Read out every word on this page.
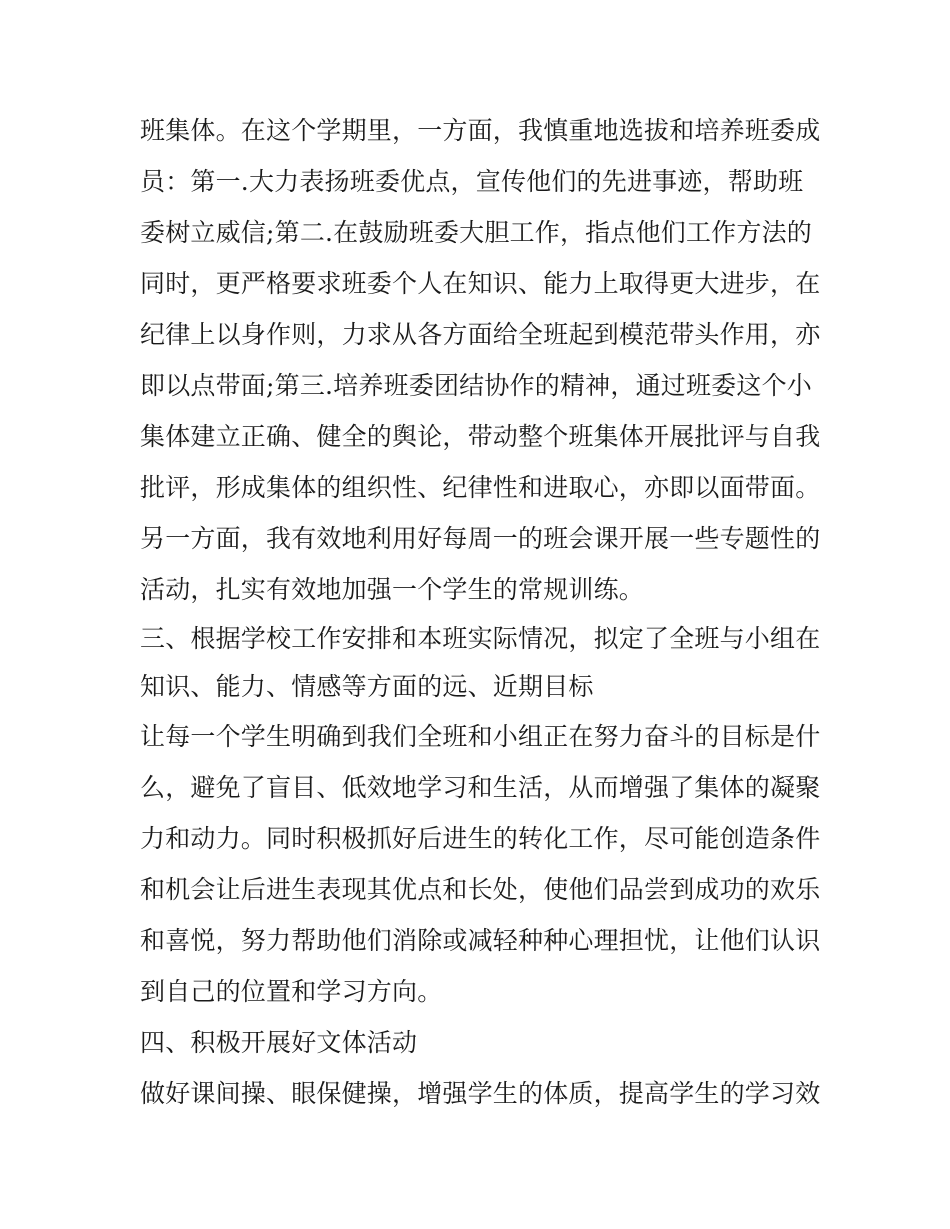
班集体。在这个学期里，一方面，我慎重地选拔和培养班委成
员：第一.大力表扬班委优点，宣传他们的先进事迹，帮助班
委树立威信;第二.在鼓励班委大胆工作，指点他们工作方法的
同时，更严格要求班委个人在知识、能力上取得更大进步，在
纪律上以身作则，力求从各方面给全班起到模范带头作用，亦
即以点带面;第三.培养班委团结协作的精神，通过班委这个小
集体建立正确、健全的舆论，带动整个班集体开展批评与自我
批评，形成集体的组织性、纪律性和进取心，亦即以面带面。
另一方面，我有效地利用好每周一的班会课开展一些专题性的
活动，扎实有效地加强一个学生的常规训练。
三、根据学校工作安排和本班实际情况，拟定了全班与小组在
知识、能力、情感等方面的远、近期目标
让每一个学生明确到我们全班和小组正在努力奋斗的目标是什
么，避免了盲目、低效地学习和生活，从而增强了集体的凝聚
力和动力。同时积极抓好后进生的转化工作，尽可能创造条件
和机会让后进生表现其优点和长处，使他们品尝到成功的欢乐
和喜悦，努力帮助他们消除或减轻种种心理担忧，让他们认识
到自己的位置和学习方向。
四、积极开展好文体活动
做好课间操、眼保健操，增强学生的体质，提高学生的学习效
